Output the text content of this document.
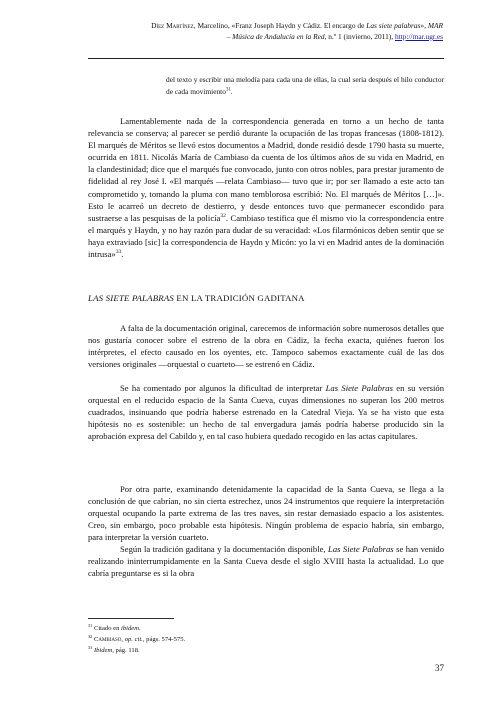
Díez Martínez, Marcelino, «Franz Joseph Haydn y Cádiz. El encargo de Las siete palabras», MAR
– Música de Andalucía en la Red, n.º 1 (invierno, 2011), http://mar.ugr.es
del texto y escribir una melodía para cada una de ellas, la cual sería después el hilo conductor de cada movimiento$^{31}$.

Lamentablemente nada de la correspondencia generada en torno a un hecho de tanta relevancia se conserva; al parecer se perdió durante la ocupación de las tropas francesas (1808-1812). El marqués de Méritos se llevó estos documentos a Madrid, donde residió desde 1790 hasta su muerte, ocurrida en 1811. Nicolás María de Cambiaso da cuenta de los últimos años de su vida en Madrid, en la clandestinidad; dice que el marqués fue convocado, junto con otros nobles, para prestar juramento de fidelidad al rey José I. «El marqués —relata Cambiaso— tuvo que ir; por ser llamado a este acto tan comprometido y, tomando la pluma con mano temblorosa escribió: No. El marqués de Méritos […]». Esto le acarreó un decreto de destierro, y desde entonces tuvo que permanecer escondido para sustraerse a las pesquisas de la policía$^{32}$. Cambiaso testifica que él mismo vio la correspondencia entre el marqués y Haydn, y no hay razón para dudar de su veracidad: «Los filarmónicos deben sentir que se haya extraviado [sic] la correspondencia de Haydn y Micón: yo la vi en Madrid antes de la dominación intrusa»$^{33}$.

LAS SIETE PALABRAS EN LA TRADICIÓN GADITANA

A falta de la documentación original, carecemos de información sobre numerosos detalles que nos gustaría conocer sobre el estreno de la obra en Cádiz, la fecha exacta, quiénes fueron los intérpretes, el efecto causado en los oyentes, etc. Tampoco sabemos exactamente cuál de las dos versiones originales —orquestal o cuarteto— se estrenó en Cádiz.

Se ha comentado por algunos la dificultad de interpretar Las Siete Palabras en su versión orquestal en el reducido espacio de la Santa Cueva, cuyas dimensiones no superan los 200 metros cuadrados, insinuando que podría haberse estrenado en la Catedral Vieja. Ya se ha visto que esta hipótesis no es sostenible: un hecho de tal envergadura jamás podría haberse producido sin la aprobación expresa del Cabildo y, en tal caso hubiera quedado recogido en las actas capitulares.

Por otra parte, examinando detenidamente la capacidad de la Santa Cueva, se llega a la conclusión de que cabrían, no sin cierta estrechez, unos 24 instrumentos que requiere la interpretación orquestal ocupando la parte extrema de las tres naves, sin restar demasiado espacio a los asistentes. Creo, sin embargo, poco probable esta hipótesis. Ningún problema de espacio habría, sin embargo, para interpretar la versión cuarteto.

Según la tradición gaditana y la documentación disponible, Las Siete Palabras se han venido realizando ininterrumpidamente en la Santa Cueva desde el siglo XVIII hasta la actualidad. Lo que cabría preguntarse es si la obra

$^{31}$ Citado en ibidem.
$^{32}$ Cambiaso, op. cit., págs. 574-575.
$^{33}$ Ibidem, pág. 118.
37
